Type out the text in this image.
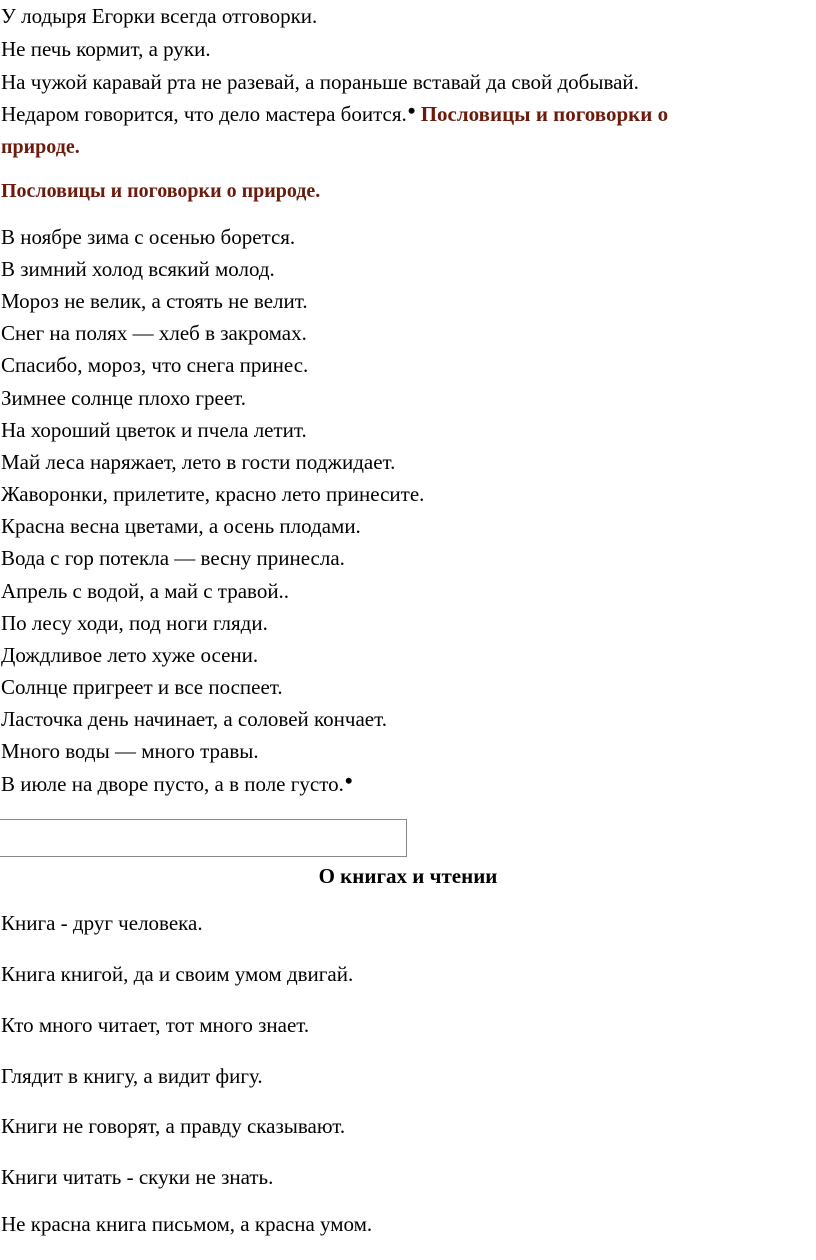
У лодыря Егорки всегда отговорки.
Не печь кормит, а руки.
На чужой каравай рта не разевай, а пораньше вставай да свой добывай.
Недаром говорится, что дело мастера боится.• Пословицы и поговорки о
природе.
Пословицы и поговорки о природе.
В ноябре зима с осенью борется.
В зимний холод всякий молод.
Мороз не велик, а стоять не велит.
Снег на полях — хлеб в закромах.
Спасибо, мороз, что снега принес.
Зимнее солнце плохо греет.
На хороший цветок и пчела летит.
Май леса наряжает, лето в гости поджидает.
Жаворонки, прилетите, красно лето принесите.
Красна весна цветами, а осень плодами.
Вода с гор потекла — весну принесла.
Апрель с водой, а май с травой..
По лесу ходи, под ноги гляди.
Дождливое лето хуже осени.
Солнце пригреет и все поспеет.
Ласточка день начинает, а соловей кончает.
Много воды — много травы.
В июле на дворе пусто, а в поле густо.•
О книгах и чтении
Книга - друг человека.
Книга книгой, да и своим умом двигай.
Кто много читает, тот много знает.
Глядит в книгу, а видит фигу.
Книги не говорят, а правду сказывают.
Книги читать - скуки не знать.
Не красна книга письмом, а красна умом.
